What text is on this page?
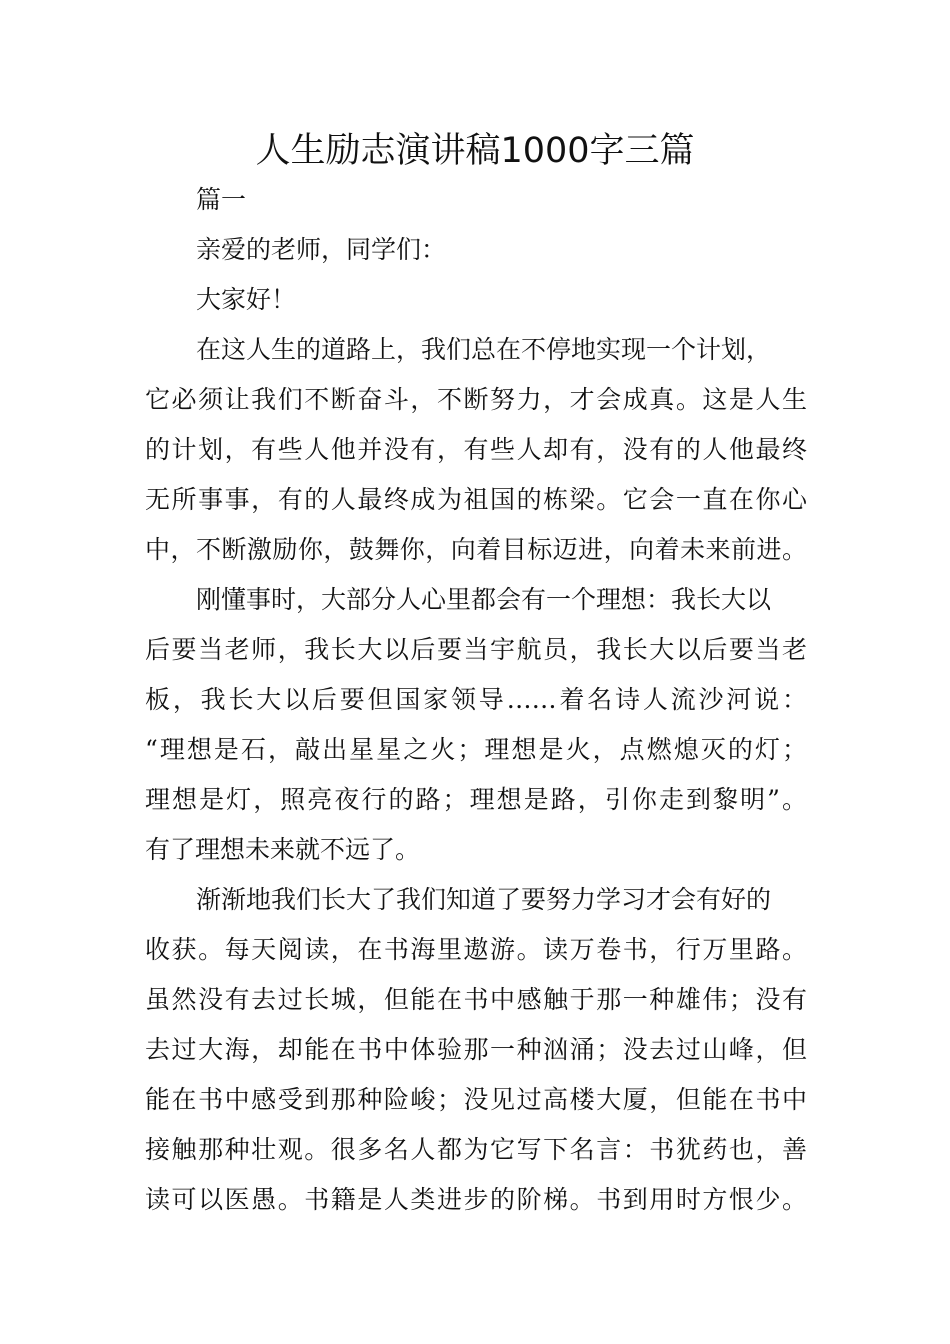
人生励志演讲稿1000字三篇
篇一
亲爱的老师，同学们：
大家好！
在这人生的道路上，我们总在不停地实现一个计划，
它必须让我们不断奋斗，不断努力，才会成真。这是人生
的计划，有些人他并没有，有些人却有，没有的人他最终
无所事事，有的人最终成为祖国的栋梁。它会一直在你心
中，不断激励你，鼓舞你，向着目标迈进，向着未来前进。
刚懂事时，大部分人心里都会有一个理想：我长大以
后要当老师，我长大以后要当宇航员，我长大以后要当老
板，我长大以后要但国家领导……着名诗人流沙河说：
“理想是石，敲出星星之火；理想是火，点燃熄灭的灯；
理想是灯，照亮夜行的路；理想是路，引你走到黎明”。
有了理想未来就不远了。
渐渐地我们长大了我们知道了要努力学习才会有好的
收获。每天阅读，在书海里遨游。读万卷书，行万里路。
虽然没有去过长城，但能在书中感触于那一种雄伟；没有
去过大海，却能在书中体验那一种汹涌；没去过山峰，但
能在书中感受到那种险峻；没见过高楼大厦，但能在书中
接触那种壮观。很多名人都为它写下名言：书犹药也，善
读可以医愚。书籍是人类进步的阶梯。书到用时方恨少。
